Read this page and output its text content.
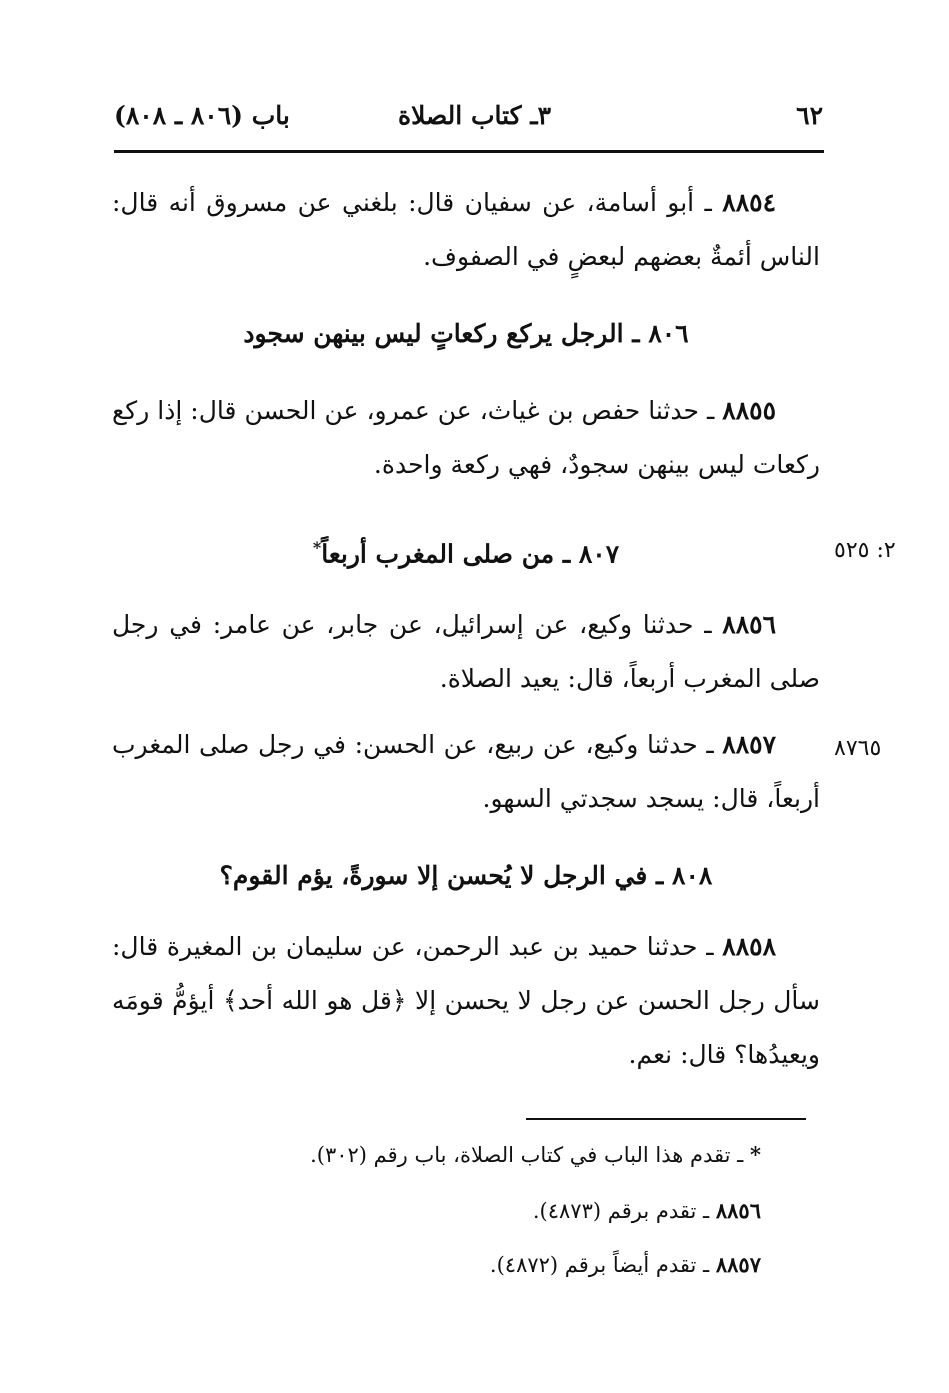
٦٢
٣ـ كتاب الصلاة
باب (٨٠٦ ـ ٨٠٨)
٨٨٥٤ ـ أبو أسامة، عن سفيان قال: بلغني عن مسروق أنه قال: الناس أئمةٌ بعضهم لبعضٍ في الصفوف.
٨٠٦ ـ الرجل يركع ركعاتٍ ليس بينهن سجود
٨٨٥٥ ـ حدثنا حفص بن غياث، عن عمرو، عن الحسن قال: إذا ركع ركعات ليس بينهن سجودٌ، فهي ركعة واحدة.
٨٠٧ ـ من صلى المغرب أربعاً*	٢: ٥٢٥
٨٨٥٦ ـ حدثنا وكيع، عن إسرائيل، عن جابر، عن عامر: في رجل صلى المغرب أربعاً، قال: يعيد الصلاة.
٨٨٥٧ ـ حدثنا وكيع، عن ربيع، عن الحسن: في رجل صلى المغرب أربعاً، قال: يسجد سجدتي السهو.
٨٧٦٥
٨٠٨ ـ في الرجل لا يُحسن إلا سورةً، يؤم القوم؟
٨٨٥٨ ـ حدثنا حميد بن عبد الرحمن، عن سليمان بن المغيرة قال: سأل رجل الحسن عن رجل لا يحسن إلا ﴿قل هو الله أحد﴾ أيؤمُّ قومَه ويعيدُها؟ قال: نعم.
* ـ تقدم هذا الباب في كتاب الصلاة، باب رقم (٣٠٢).
٨٨٥٦ ـ تقدم برقم (٤٨٧٣).
٨٨٥٧ ـ تقدم أيضاً برقم (٤٨٧٢).
